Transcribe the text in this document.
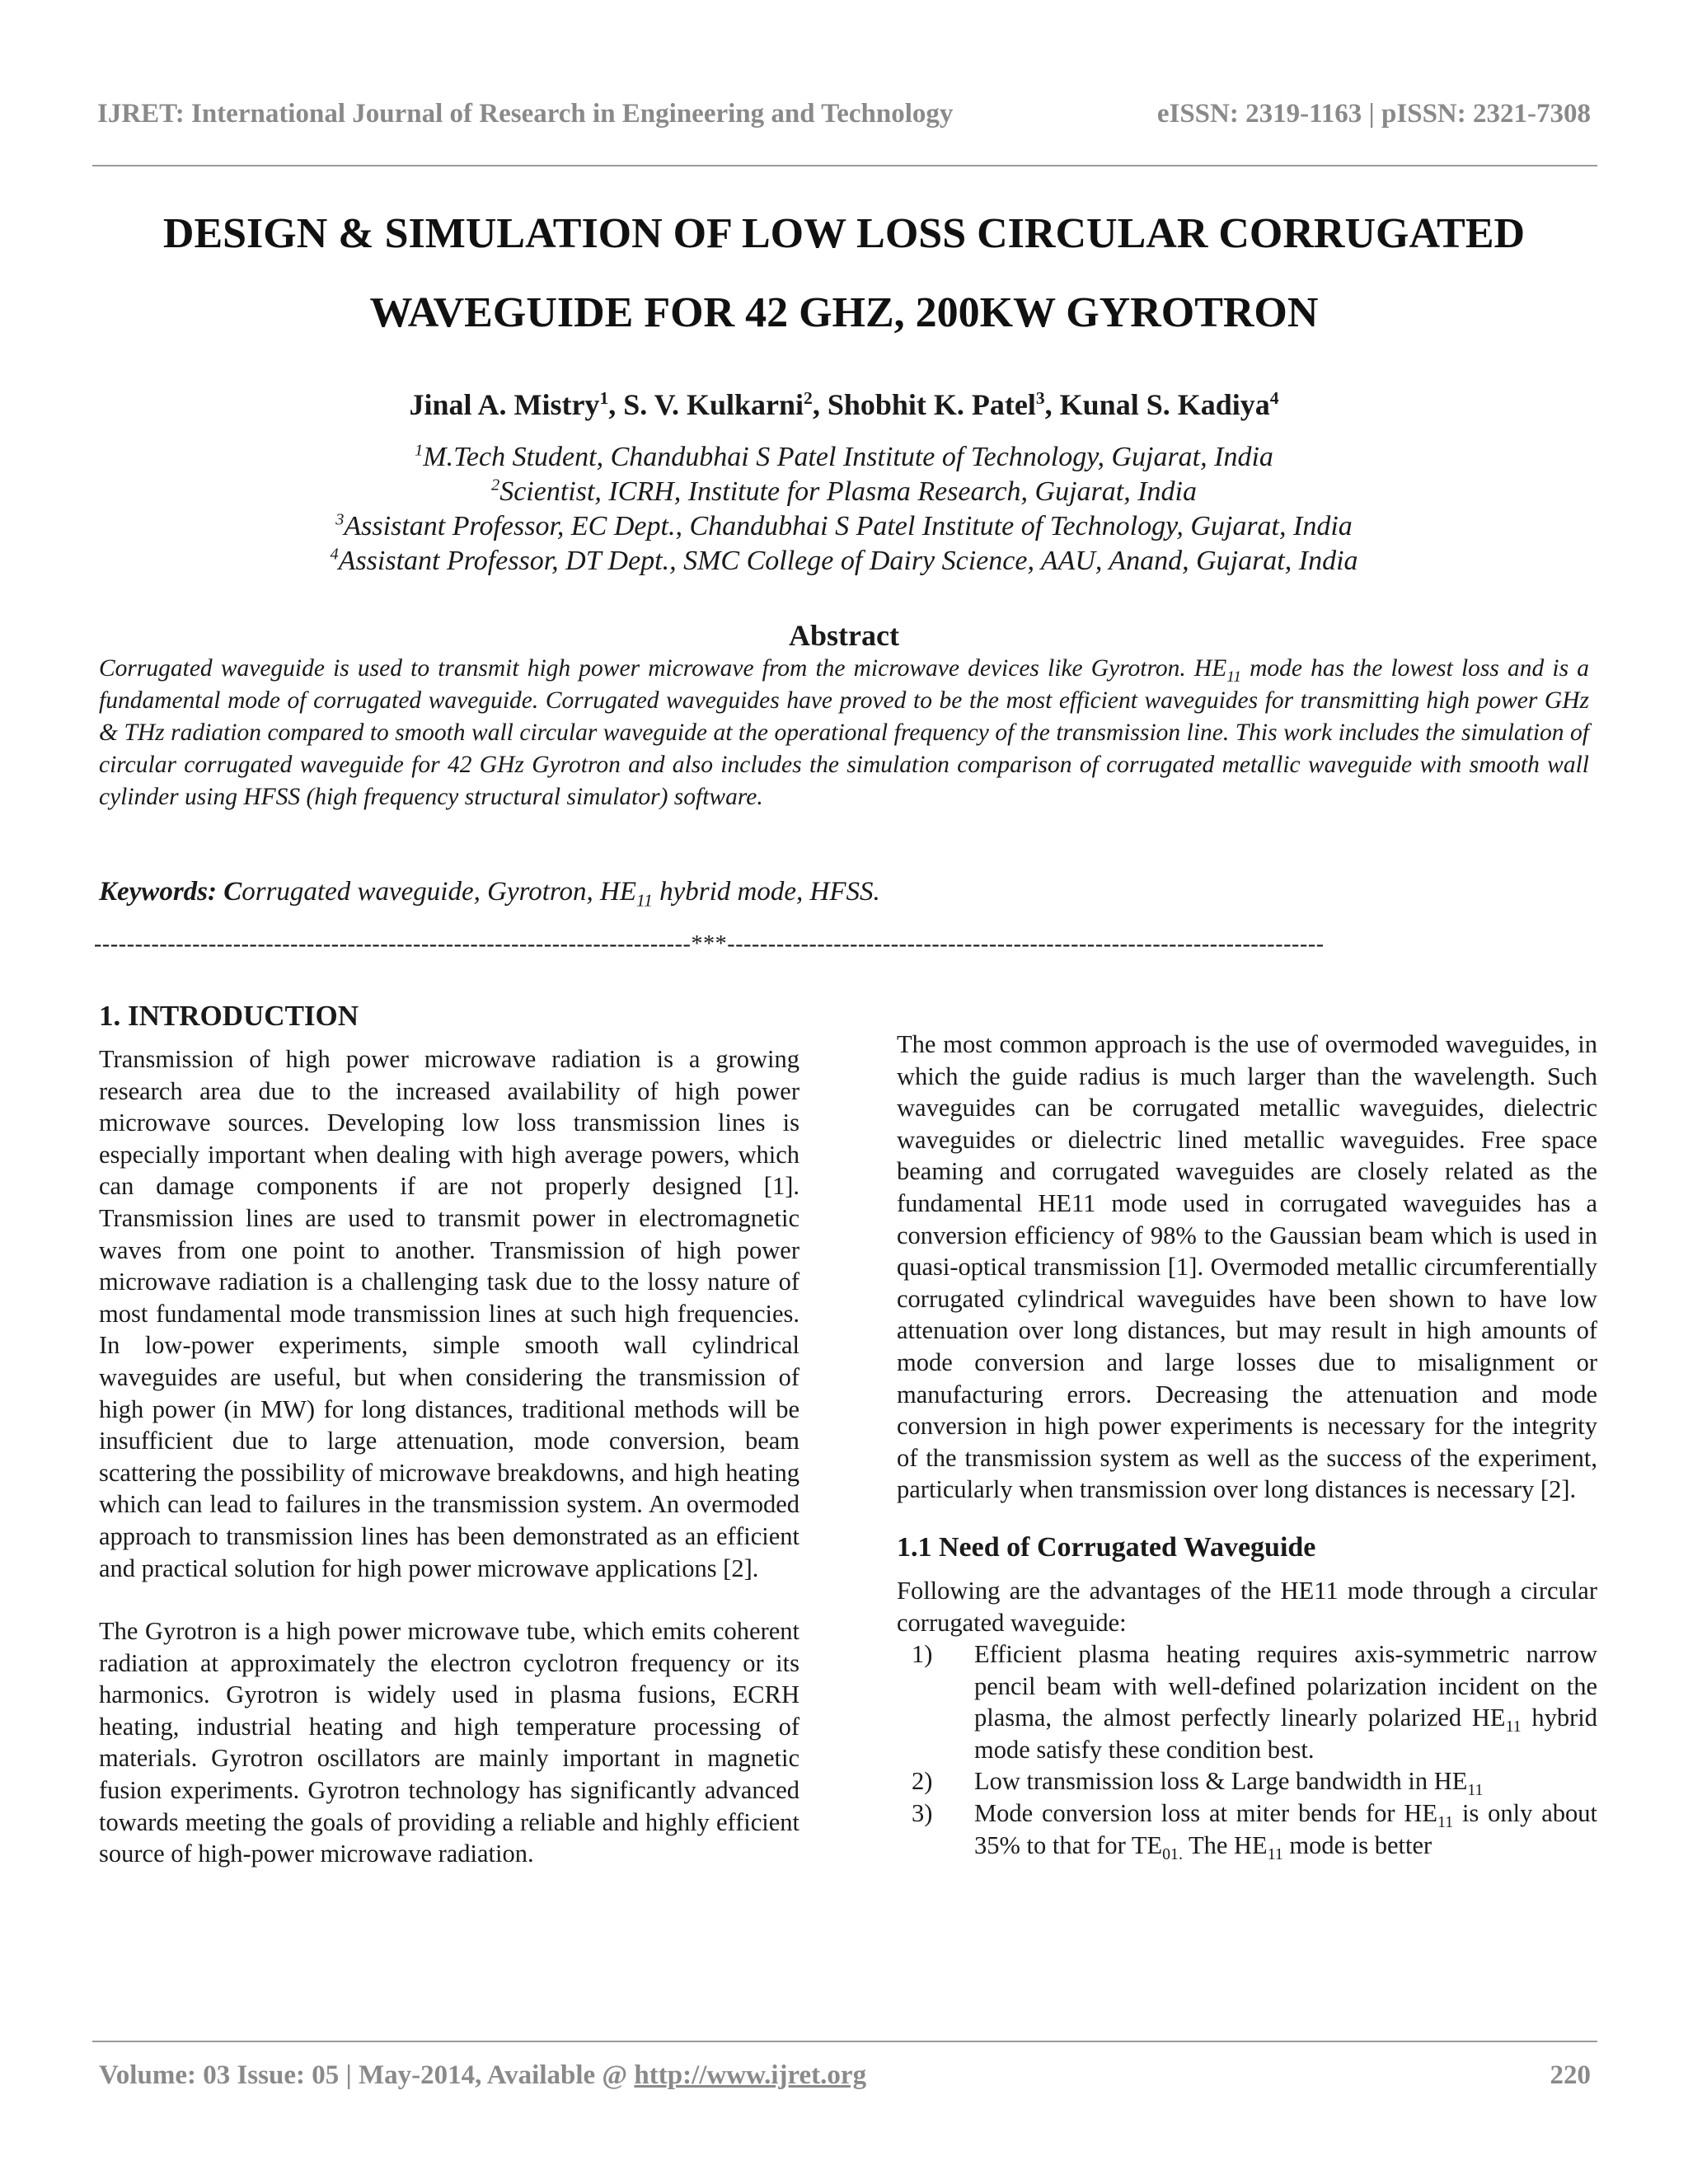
IJRET: International Journal of Research in Engineering and Technology	eISSN: 2319-1163 | pISSN: 2321-7308
DESIGN & SIMULATION OF LOW LOSS CIRCULAR CORRUGATED
WAVEGUIDE FOR 42 GHZ, 200KW GYROTRON
Jinal A. Mistry$^1$, S. V. Kulkarni$^2$, Shobhit K. Patel$^3$, Kunal S. Kadiya$^4$
$^1$M.Tech Student, Chandubhai S Patel Institute of Technology, Gujarat, India
$^2$Scientist, ICRH, Institute for Plasma Research, Gujarat, India
$^3$Assistant Professor, EC Dept., Chandubhai S Patel Institute of Technology, Gujarat, India
$^4$Assistant Professor, DT Dept., SMC College of Dairy Science, AAU, Anand, Gujarat, India
Abstract
Corrugated waveguide is used to transmit high power microwave from the microwave devices like Gyrotron. $HE_{11}$ mode has the lowest loss and is a fundamental mode of corrugated waveguide. Corrugated waveguides have proved to be the most efficient waveguides for transmitting high power GHz & THz radiation compared to smooth wall circular waveguide at the operational frequency of the transmission line. This work includes the simulation of circular corrugated waveguide for 42 GHz Gyrotron and also includes the simulation comparison of corrugated metallic waveguide with smooth wall cylinder using HFSS (high frequency structural simulator) software.
Keywords: Corrugated waveguide, Gyrotron, $HE_{11}$ hybrid mode, HFSS.
-------------------------------------------------------------------------***-------------------------------------------------------------------------
1. INTRODUCTION

Transmission of high power microwave radiation is a growing research area due to the increased availability of high power microwave sources. Developing low loss transmission lines is especially important when dealing with high average powers, which can damage components if are not properly designed [1]. Transmission lines are used to transmit power in electromagnetic waves from one point to another. Transmission of high power microwave radiation is a challenging task due to the lossy nature of most fundamental mode transmission lines at such high frequencies. In low-power experiments, simple smooth wall cylindrical waveguides are useful, but when considering the transmission of high power (in MW) for long distances, traditional methods will be insufficient due to large attenuation, mode conversion, beam scattering the possibility of microwave breakdowns, and high heating which can lead to failures in the transmission system. An overmoded approach to transmission lines has been demonstrated as an efficient and practical solution for high power microwave applications [2].

The Gyrotron is a high power microwave tube, which emits coherent radiation at approximately the electron cyclotron frequency or its harmonics. Gyrotron is widely used in plasma fusions, ECRH heating, industrial heating and high temperature processing of materials. Gyrotron oscillators are mainly important in magnetic fusion experiments. Gyrotron technology has significantly advanced towards meeting the goals of providing a reliable and highly efficient source of high-power microwave radiation.

The most common approach is the use of overmoded waveguides, in which the guide radius is much larger than the wavelength. Such waveguides can be corrugated metallic waveguides, dielectric waveguides or dielectric lined metallic waveguides. Free space beaming and corrugated waveguides are closely related as the fundamental HE11 mode used in corrugated waveguides has a conversion efficiency of 98% to the Gaussian beam which is used in quasi-optical transmission [1]. Overmoded metallic circumferentially corrugated cylindrical waveguides have been shown to have low attenuation over long distances, but may result in high amounts of mode conversion and large losses due to misalignment or manufacturing errors. Decreasing the attenuation and mode conversion in high power experiments is necessary for the integrity of the transmission system as well as the success of the experiment, particularly when transmission over long distances is necessary [2].

1.1 Need of Corrugated Waveguide

Following are the advantages of the HE11 mode through a circular corrugated waveguide:

1) Efficient plasma heating requires axis-symmetric narrow pencil beam with well-defined polarization incident on the plasma, the almost perfectly linearly polarized $HE_{11}$ hybrid mode satisfy these condition best.
2) Low transmission loss & Large bandwidth in $HE_{11}$
3) Mode conversion loss at miter bends for $HE_{11}$ is only about 35% to that for $TE_{01.}$ The $HE_{11}$ mode is better
Volume: 03 Issue: 05 | May-2014, Available @ http://www.ijret.org	220
